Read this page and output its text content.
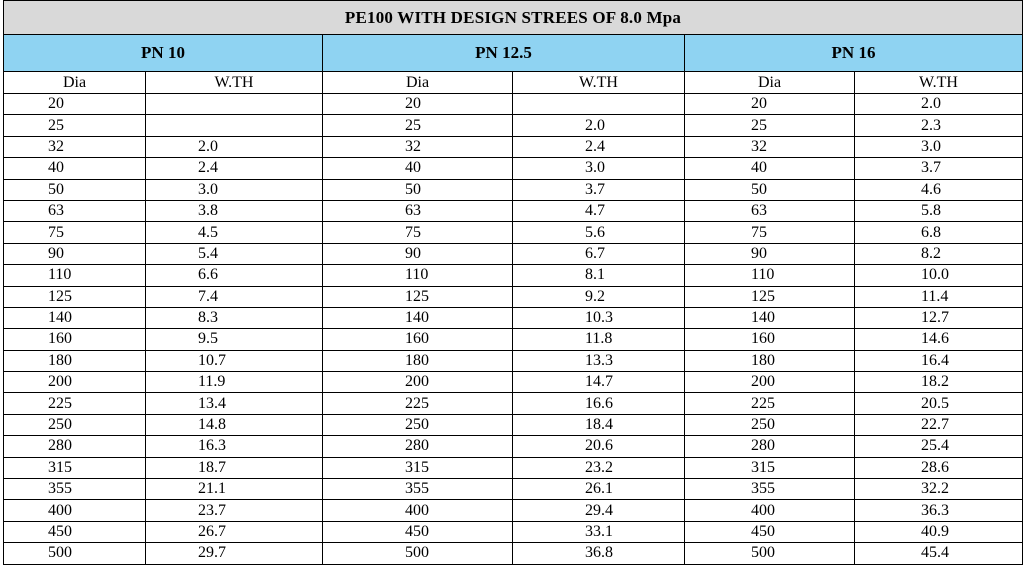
PE100 WITH DESIGN STREES OF 8.0 Mpa					
PN 10		PN 12.5		PN 16	
Dia	W.TH	Dia	W.TH	Dia	W.TH
20		20		20	2.0
25		25	2.0	25	2.3
32	2.0	32	2.4	32	3.0
40	2.4	40	3.0	40	3.7
50	3.0	50	3.7	50	4.6
63	3.8	63	4.7	63	5.8
75	4.5	75	5.6	75	6.8
90	5.4	90	6.7	90	8.2
110	6.6	110	8.1	110	10.0
125	7.4	125	9.2	125	11.4
140	8.3	140	10.3	140	12.7
160	9.5	160	11.8	160	14.6
180	10.7	180	13.3	180	16.4
200	11.9	200	14.7	200	18.2
225	13.4	225	16.6	225	20.5
250	14.8	250	18.4	250	22.7
280	16.3	280	20.6	280	25.4
315	18.7	315	23.2	315	28.6
355	21.1	355	26.1	355	32.2
400	23.7	400	29.4	400	36.3
450	26.7	450	33.1	450	40.9
500	29.7	500	36.8	500	45.4
